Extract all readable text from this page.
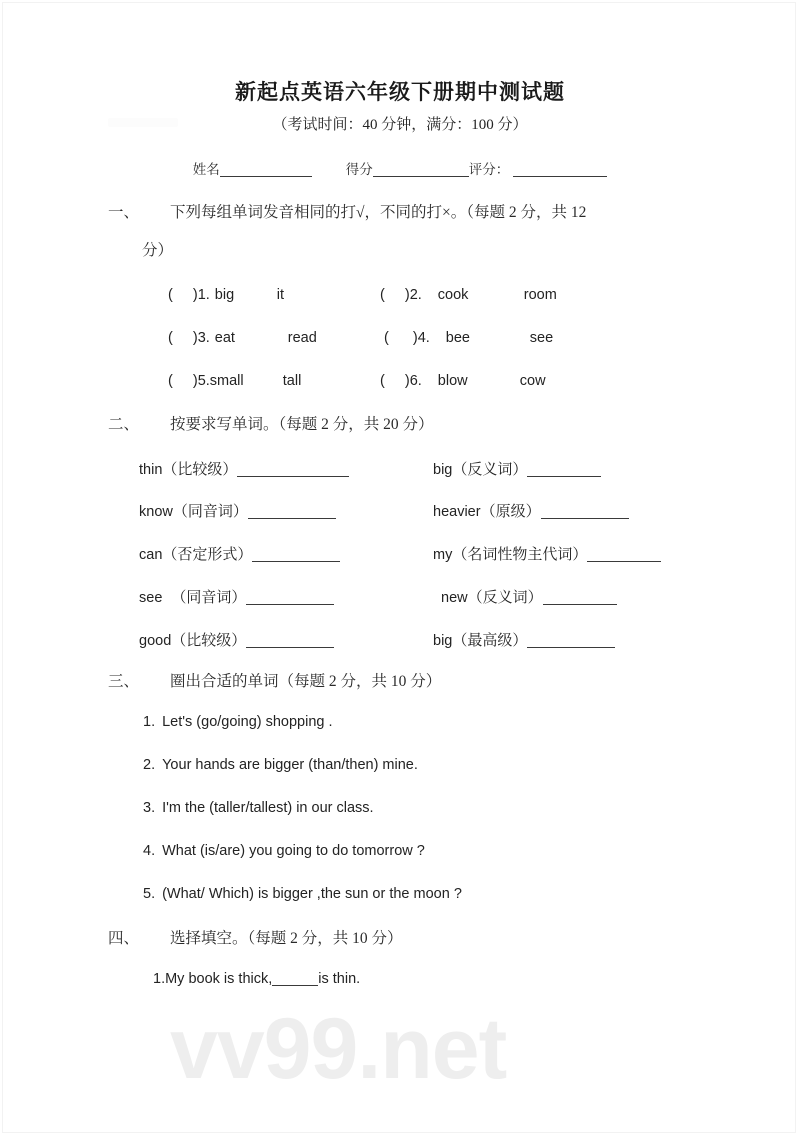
新起点英语六年级下册期中测试题
（考试时间：40 分钟，满分：100 分）
姓名	得分	评分：
一、 下列每组单词发音相同的打√，不同的打×。（每题 2 分，共 12
分）
( )1. big	it	( )2. cook	room
( )3. eat	read	( )4. bee	see
( )5.small	tall	( )6. blow	cow
二、 按要求写单词。（每题 2 分，共 20 分）
thin（比较级）	big（反义词）
know（同音词）	heavier（原级）
can（否定形式）	my（名词性物主代词）
see （同音词）	new（反义词）
good（比较级）	big（最高级）
三、 圈出合适的单词（每题 2 分，共 10 分）
1. Let's (go/going) shopping .
2. Your hands are bigger (than/then) mine.
3. I'm the (taller/tallest) in our class.
4. What (is/are) you going to do tomorrow ?
5. (What/ Which) is bigger ,the sun or the moon ?
四、 选择填空。（每题 2 分，共 10 分）
1.My book is thick,	is thin.
vv99.net
